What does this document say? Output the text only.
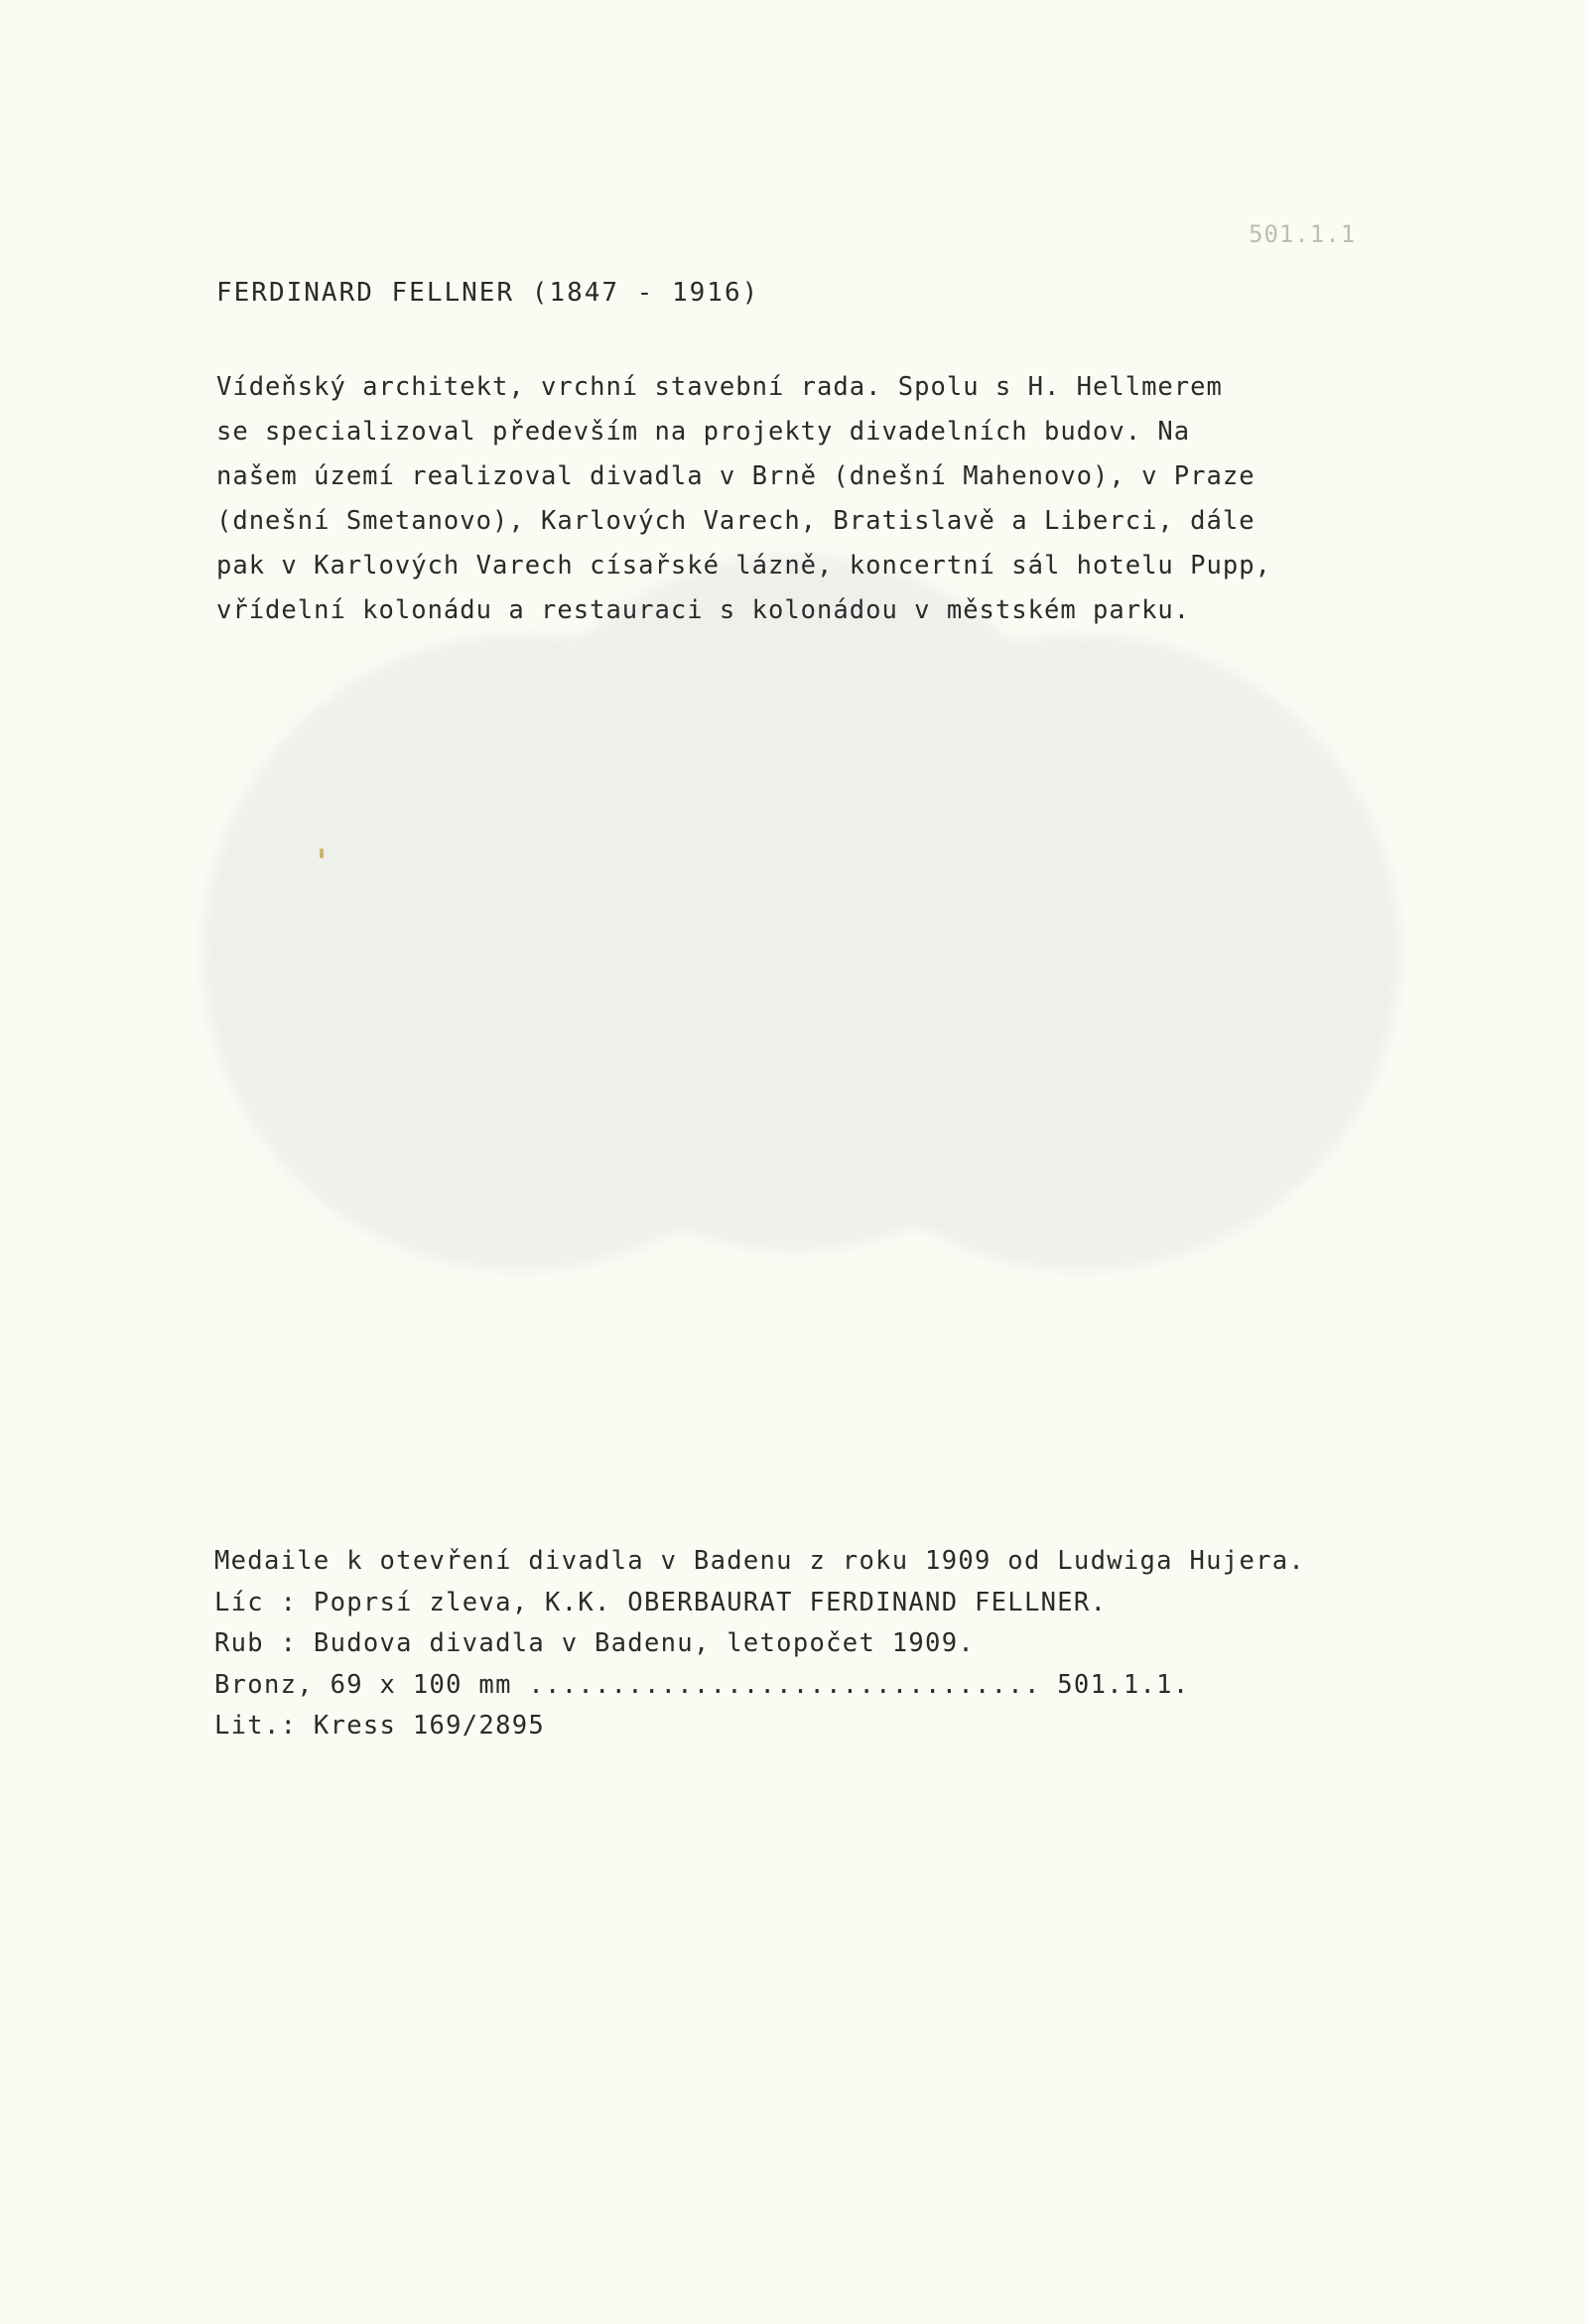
501.1.1
FERDINARD FELLNER (1847 - 1916)
Vídeňský architekt, vrchní stavební rada. Spolu s H. Hellmerem
se specializoval především na projekty divadelních budov. Na
našem území realizoval divadla v Brně (dnešní Mahenovo), v Praze
(dnešní Smetanovo), Karlových Varech, Bratislavě a Liberci, dále
pak v Karlových Varech císařské lázně, koncertní sál hotelu Pupp,
vřídelní kolonádu a restauraci s kolonádou v městském parku.
Medaile k otevření divadla v Badenu z roku 1909 od Ludwiga Hujera.
Líc : Poprsí zleva, K.K. OBERBAURAT FERDINAND FELLNER.
Rub : Budova divadla v Badenu, letopočet 1909.
Bronz, 69 x 100 mm ............................... 501.1.1.
Lit.: Kress 169/2895
